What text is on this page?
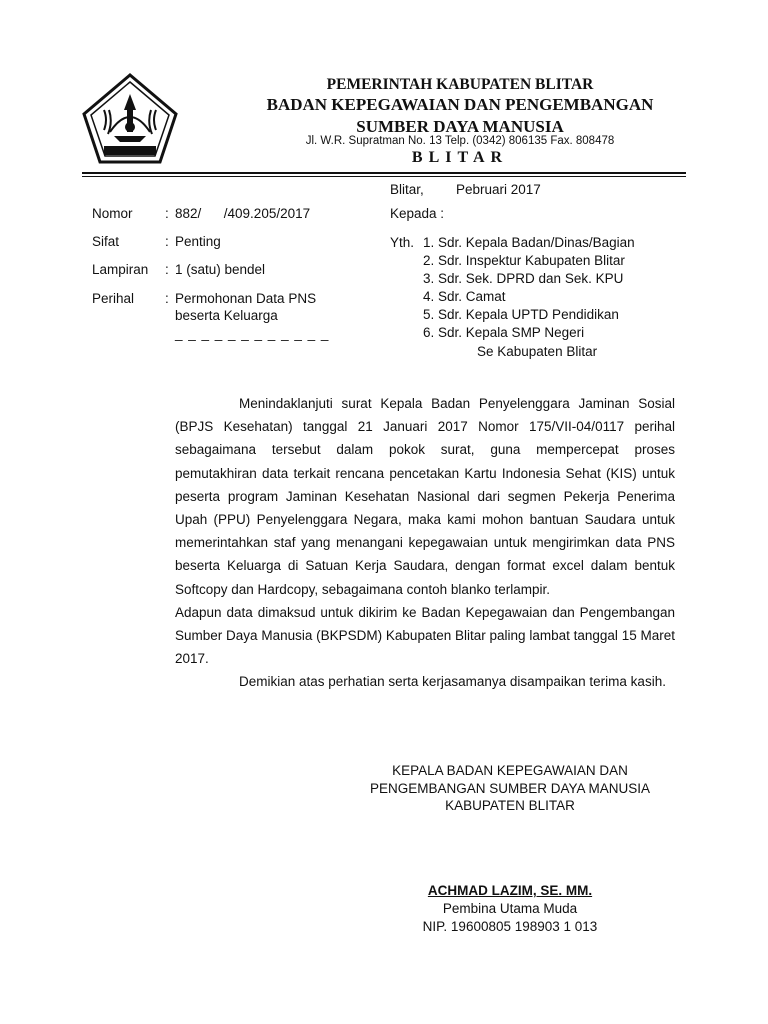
PEMERINTAH KABUPATEN BLITAR
BADAN KEPEGAWAIAN DAN PENGEMBANGAN
SUMBER DAYA MANUSIA
Jl. W.R. Supratman No. 13 Telp. (0342) 806135 Fax. 808478
BLITAR
Nomor : 882/      /409.205/2017
Sifat	: Penting
Lampiran : 1 (satu) bendel
Perihal : Permohonan Data PNS
beserta Keluarga
_ _ _ _ _ _ _ _ _ _ _ _
Blitar, Pebruari 2017
Kepada :
Yth. 1. Sdr. Kepala Badan/Dinas/Bagian
2. Sdr. Inspektur Kabupaten Blitar
3. Sdr. Sek. DPRD dan Sek. KPU
4. Sdr. Camat
5. Sdr. Kepala UPTD Pendidikan
6. Sdr. Kepala SMP Negeri
Se Kabupaten Blitar

Menindaklanjuti surat Kepala Badan Penyelenggara Jaminan Sosial (BPJS Kesehatan) tanggal 21 Januari 2017 Nomor 175/VII-04/0117 perihal sebagaimana tersebut dalam pokok surat, guna mempercepat proses pemutakhiran data terkait rencana pencetakan Kartu Indonesia Sehat (KIS) untuk peserta program Jaminan Kesehatan Nasional dari segmen Pekerja Penerima Upah (PPU) Penyelenggara Negara, maka kami mohon bantuan Saudara untuk memerintahkan staf yang menangani kepegawaian untuk mengirimkan data PNS beserta Keluarga di Satuan Kerja Saudara, dengan format excel dalam bentuk Softcopy dan Hardcopy, sebagaimana contoh blanko terlampir.

Adapun data dimaksud untuk dikirim ke Badan Kepegawaian dan Pengembangan Sumber Daya Manusia (BKPSDM) Kabupaten Blitar paling lambat tanggal 15 Maret 2017.

Demikian atas perhatian serta kerjasamanya disampaikan terima kasih.

KEPALA BADAN KEPEGAWAIAN DAN
PENGEMBANGAN SUMBER DAYA MANUSIA
KABUPATEN BLITAR
ACHMAD LAZIM, SE. MM.
Pembina Utama Muda
NIP. 19600805 198903 1 013
